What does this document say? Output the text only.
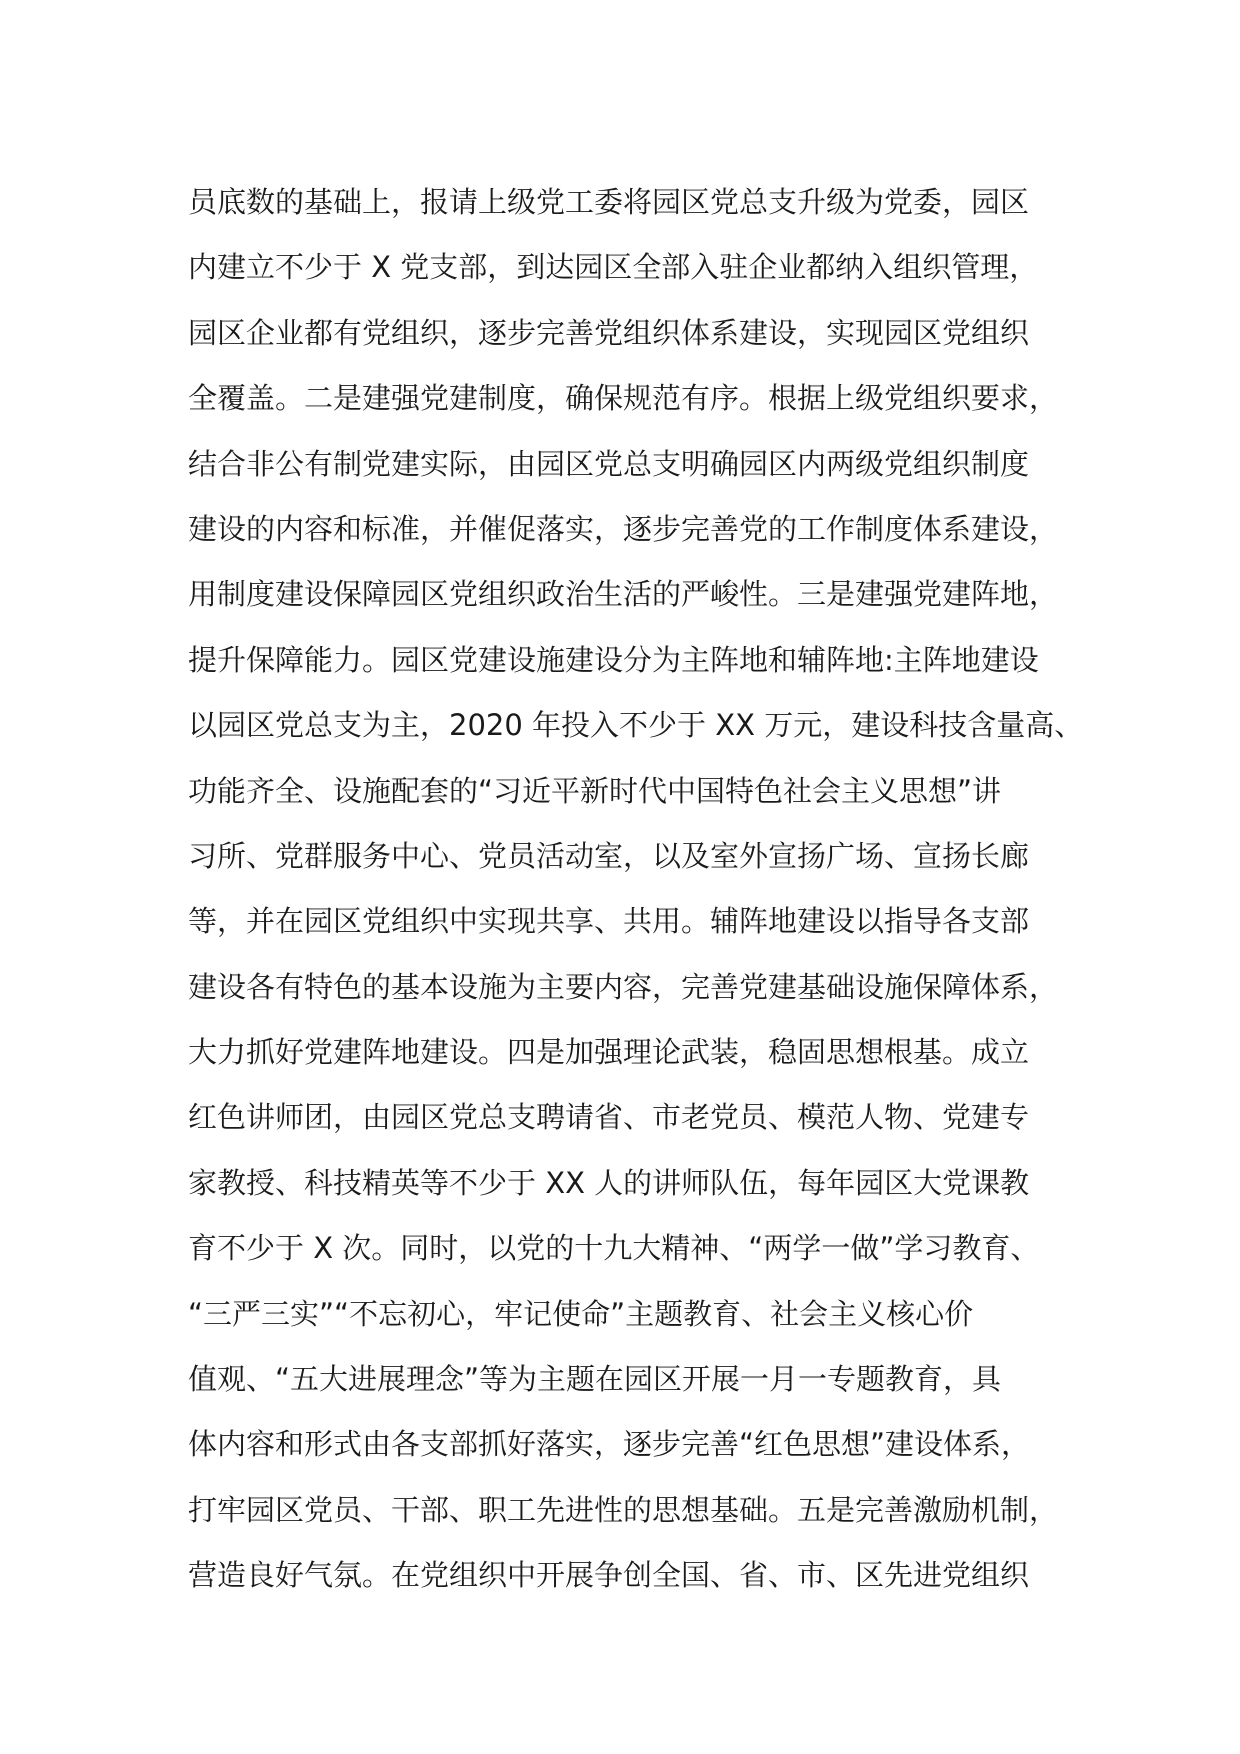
员底数的基础上，报请上级党工委将园区党总支升级为党委，园区
内建立不少于 X 党支部，到达园区全部入驻企业都纳入组织管理，
园区企业都有党组织，逐步完善党组织体系建设，实现园区党组织
全覆盖。二是建强党建制度，确保规范有序。根据上级党组织要求，
结合非公有制党建实际，由园区党总支明确园区内两级党组织制度
建设的内容和标准，并催促落实，逐步完善党的工作制度体系建设，
用制度建设保障园区党组织政治生活的严峻性。三是建强党建阵地，
提升保障能力。园区党建设施建设分为主阵地和辅阵地:主阵地建设
以园区党总支为主，2020 年投入不少于 XX 万元，建设科技含量高、
功能齐全、设施配套的“习近平新时代中国特色社会主义思想”讲
习所、党群服务中心、党员活动室，以及室外宣扬广场、宣扬长廊
等，并在园区党组织中实现共享、共用。辅阵地建设以指导各支部
建设各有特色的基本设施为主要内容，完善党建基础设施保障体系，
大力抓好党建阵地建设。四是加强理论武装，稳固思想根基。成立
红色讲师团，由园区党总支聘请省、市老党员、模范人物、党建专
家教授、科技精英等不少于 XX 人的讲师队伍，每年园区大党课教
育不少于 X 次。同时，以党的十九大精神、“两学一做”学习教育、
“三严三实”“不忘初心，牢记使命”主题教育、社会主义核心价
值观、“五大进展理念”等为主题在园区开展一月一专题教育，具
体内容和形式由各支部抓好落实，逐步完善“红色思想”建设体系，
打牢园区党员、干部、职工先进性的思想基础。五是完善激励机制，
营造良好气氛。在党组织中开展争创全国、省、市、区先进党组织
